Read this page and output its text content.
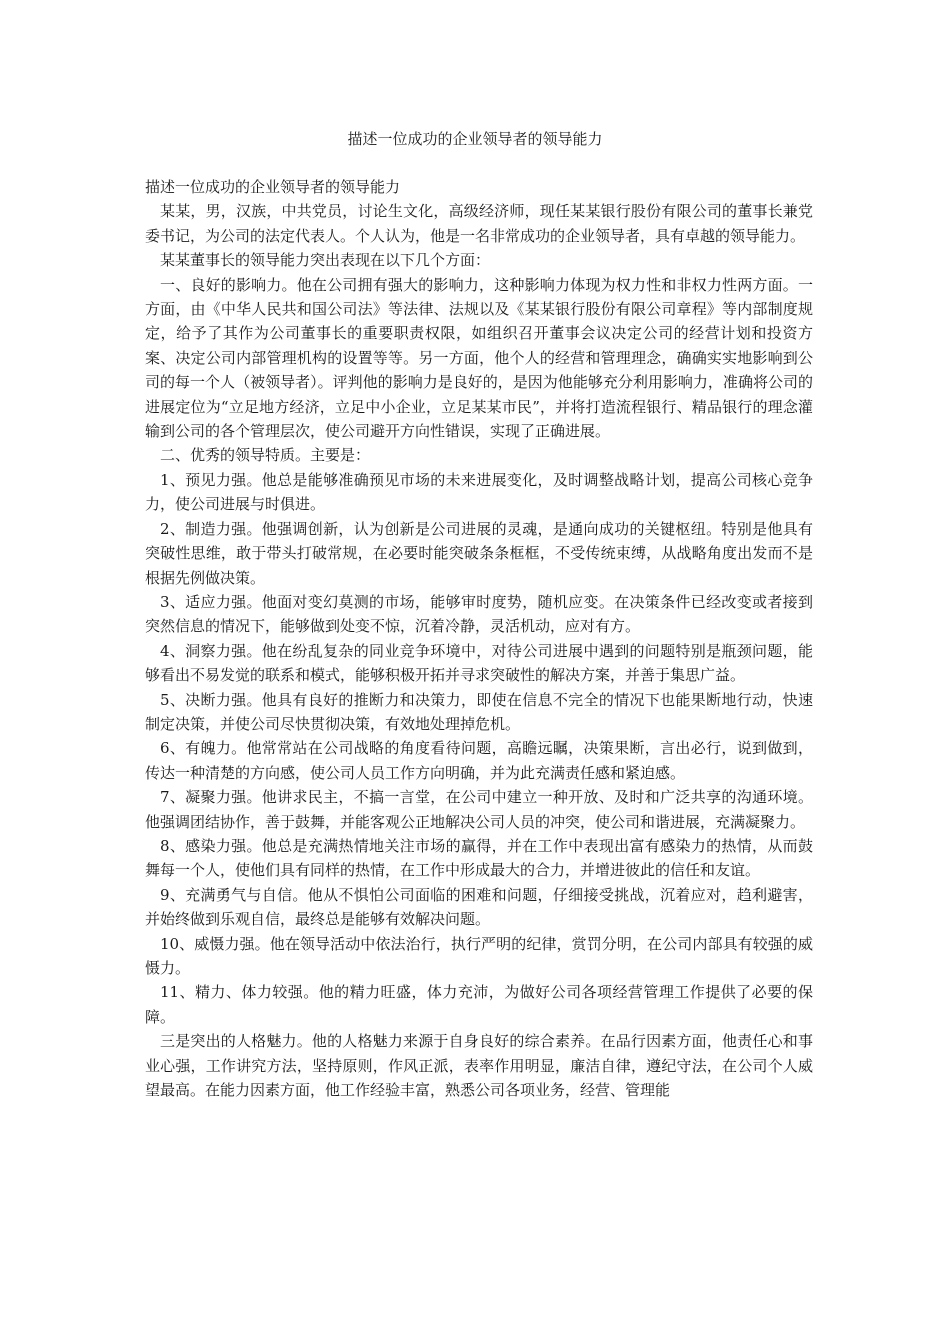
描述一位成功的企业领导者的领导能力

描述一位成功的企业领导者的领导能力

某某，男，汉族，中共党员，讨论生文化，高级经济师，现任某某银行股份有限公司的董事长兼党委书记，为公司的法定代表人。个人认为，他是一名非常成功的企业领导者，具有卓越的领导能力。

某某董事长的领导能力突出表现在以下几个方面：

一、良好的影响力。他在公司拥有强大的影响力，这种影响力体现为权力性和非权力性两方面。一方面，由《中华人民共和国公司法》等法律、法规以及《某某银行股份有限公司章程》等内部制度规定，给予了其作为公司董事长的重要职责权限，如组织召开董事会议决定公司的经营计划和投资方案、决定公司内部管理机构的设置等等。另一方面，他个人的经营和管理理念，确确实实地影响到公司的每一个人（被领导者）。评判他的影响力是良好的，是因为他能够充分利用影响力，准确将公司的进展定位为“立足地方经济，立足中小企业，立足某某市民”，并将打造流程银行、精品银行的理念灌输到公司的各个管理层次，使公司避开方向性错误，实现了正确进展。

二、优秀的领导特质。主要是：

1、预见力强。他总是能够准确预见市场的未来进展变化，及时调整战略计划，提高公司核心竞争力，使公司进展与时俱进。

2、制造力强。他强调创新，认为创新是公司进展的灵魂，是通向成功的关键枢纽。特别是他具有突破性思维，敢于带头打破常规，在必要时能突破条条框框，不受传统束缚，从战略角度出发而不是根据先例做决策。

3、适应力强。他面对变幻莫测的市场，能够审时度势，随机应变。在决策条件已经改变或者接到突然信息的情况下，能够做到处变不惊，沉着冷静，灵活机动，应对有方。

4、洞察力强。他在纷乱复杂的同业竞争环境中，对待公司进展中遇到的问题特别是瓶颈问题，能够看出不易发觉的联系和模式，能够积极开拓并寻求突破性的解决方案，并善于集思广益。

5、决断力强。他具有良好的推断力和决策力，即使在信息不完全的情况下也能果断地行动，快速制定决策，并使公司尽快贯彻决策，有效地处理掉危机。

6、有魄力。他常常站在公司战略的角度看待问题，高瞻远瞩，决策果断，言出必行，说到做到，传达一种清楚的方向感，使公司人员工作方向明确，并为此充满责任感和紧迫感。

7、凝聚力强。他讲求民主，不搞一言堂，在公司中建立一种开放、及时和广泛共享的沟通环境。他强调团结协作，善于鼓舞，并能客观公正地解决公司人员的冲突，使公司和谐进展，充满凝聚力。

8、感染力强。他总是充满热情地关注市场的赢得，并在工作中表现出富有感染力的热情，从而鼓舞每一个人，使他们具有同样的热情，在工作中形成最大的合力，并增进彼此的信任和友谊。

9、充满勇气与自信。他从不惧怕公司面临的困难和问题，仔细接受挑战，沉着应对，趋利避害，并始终做到乐观自信，最终总是能够有效解决问题。

10、威慑力强。他在领导活动中依法治行，执行严明的纪律，赏罚分明，在公司内部具有较强的威慑力。

11、精力、体力较强。他的精力旺盛，体力充沛，为做好公司各项经营管理工作提供了必要的保障。

三是突出的人格魅力。他的人格魅力来源于自身良好的综合素养。在品行因素方面，他责任心和事业心强，工作讲究方法，坚持原则，作风正派，表率作用明显，廉洁自律，遵纪守法，在公司个人威望最高。在能力因素方面，他工作经验丰富，熟悉公司各项业务，经营、管理能
